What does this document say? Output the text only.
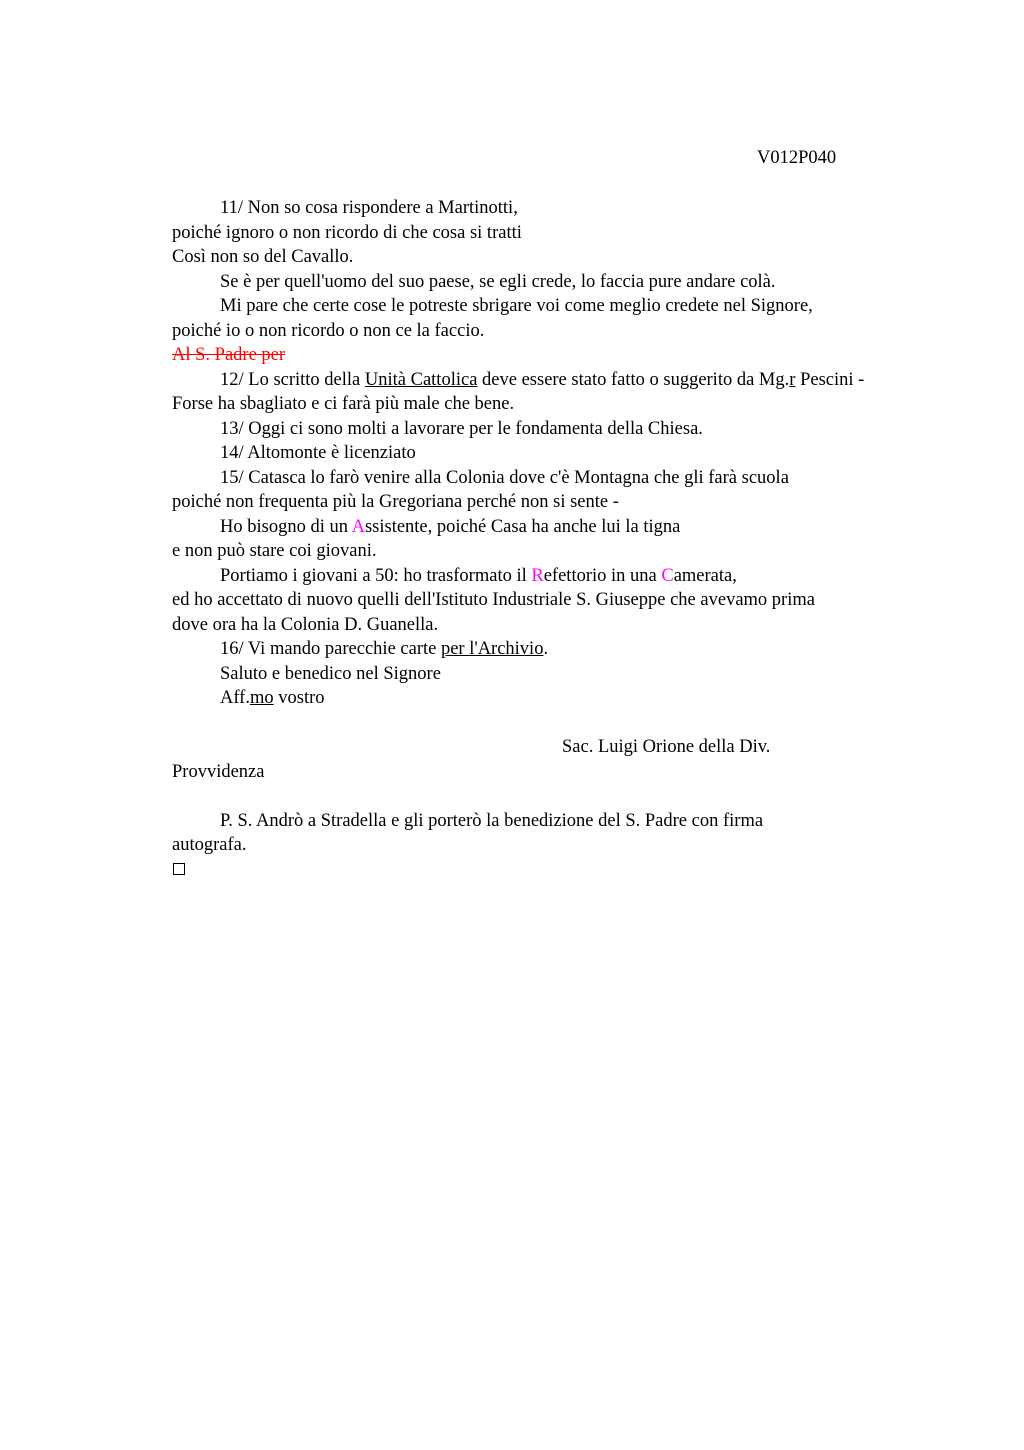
V012P040
11/ Non so cosa rispondere a Martinotti,
poiché ignoro o non ricordo di che cosa si tratti
Così non so del Cavallo.
Se è per quell'uomo del suo paese, se egli crede, lo faccia pure andare colà.
Mi pare che certe cose le potreste sbrigare voi come meglio credete nel Signore,
poiché io o non ricordo o non ce la faccio.
Al S. Padre per
12/ Lo scritto della Unità Cattolica deve essere stato fatto o suggerito da Mg.r Pescini -
Forse ha sbagliato e ci farà più male che bene.
13/ Oggi ci sono molti a lavorare per le fondamenta della Chiesa.
14/ Altomonte è licenziato
15/ Catasca lo farò venire alla Colonia dove c'è Montagna che gli farà scuola
poiché non frequenta più la Gregoriana perché non si sente -
Ho bisogno di un Assistente, poiché Casa ha anche lui la tigna
e non può stare coi giovani.
Portiamo i giovani a 50: ho trasformato il Refettorio in una Camerata,
ed ho accettato di nuovo quelli dell'Istituto Industriale S. Giuseppe che avevamo prima
dove ora ha la Colonia D. Guanella.
16/ Vi mando parecchie carte per l'Archivio.
Saluto e benedico nel Signore
Aff.mo vostro
Sac. Luigi Orione della Div.
Provvidenza
P. S. Andrò a Stradella e gli porterò la benedizione del S. Padre con firma
autografa.
